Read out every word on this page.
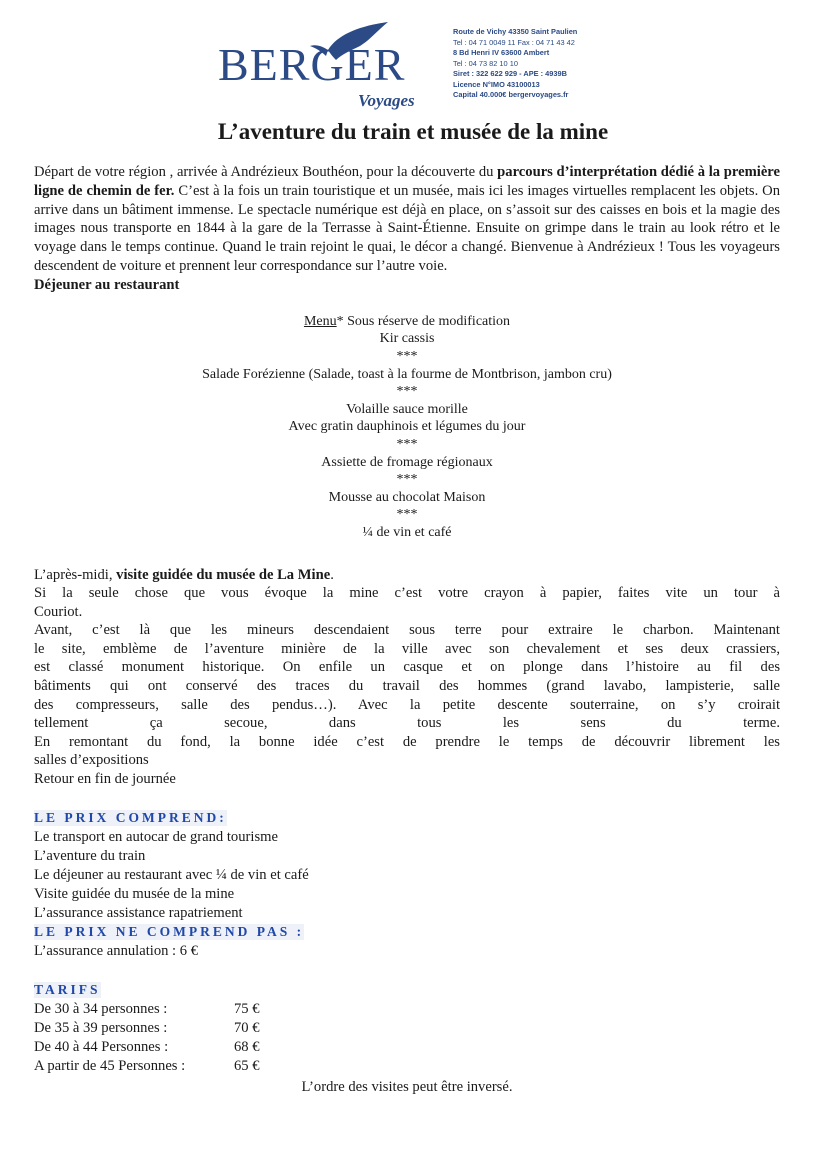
BERGER
Voyages
Route de Vichy 43350 Saint Paulien
Tel : 04 71 0049 11 Fax : 04 71 43 42
8 Bd Henri IV 63600 Ambert
Tel : 04 73 82 10 10
Siret : 322 622 929 - APE : 4939B
Licence N°IMO 43100013
Capital 40.000€ bergervoyages.fr
L’aventure du train et musée de la mine
Départ de votre région , arrivée à Andrézieux Bouthéon, pour la découverte du parcours d’interprétation dédié à la première ligne de chemin de fer. C’est à la fois un train touristique et un musée, mais ici les images virtuelles remplacent les objets. On arrive dans un bâtiment immense. Le spectacle numérique est déjà en place, on s’assoit sur des caisses en bois et la magie des images nous transporte en 1844 à la gare de la Terrasse à Saint-Étienne. Ensuite on grimpe dans le train au look rétro et le voyage dans le temps continue. Quand le train rejoint le quai, le décor a changé. Bienvenue à Andrézieux ! Tous les voyageurs descendent de voiture et prennent leur correspondance sur l’autre voie.
Déjeuner au restaurant
Menu* Sous réserve de modification
Kir cassis
***
Salade Forézienne (Salade, toast à la fourme de Montbrison, jambon cru)
***
Volaille sauce morille
Avec gratin dauphinois et légumes du jour
***
Assiette de fromage régionaux
***
Mousse au chocolat Maison
***
¼ de vin et café
L’après-midi, visite guidée du musée de La Mine.
Si la seule chose que vous évoque la mine c’est votre crayon à papier, faites vite un tour à
Couriot.
Avant, c’est là que les mineurs descendaient sous terre pour extraire le charbon. Maintenant
le site, emblème de l’aventure minière de la ville avec son chevalement et ses deux crassiers,
est classé monument historique. On enfile un casque et on plonge dans l’histoire au fil des
bâtiments qui ont conservé des traces du travail des hommes (grand lavabo, lampisterie, salle
des compresseurs, salle des pendus…). Avec la petite descente souterraine, on s’y croirait
tellement ça secoue, dans tous les sens du terme.
En remontant du fond, la bonne idée c’est de prendre le temps de découvrir librement les
salles d’expositions
Retour en fin de journée
LE PRIX COMPREND:
Le transport en autocar de grand tourisme
L’aventure du train
Le déjeuner au restaurant avec ¼ de vin et café
Visite guidée du musée de la mine
L’assurance assistance rapatriement
LE PRIX NE COMPREND PAS :
L’assurance annulation : 6 €
TARIFS
De 30 à 34 personnes :	75 €
De 35 à 39 personnes :	70 €
De 40 à 44 Personnes :	68 €
A partir de 45 Personnes :	65 €
L’ordre des visites peut être inversé.
